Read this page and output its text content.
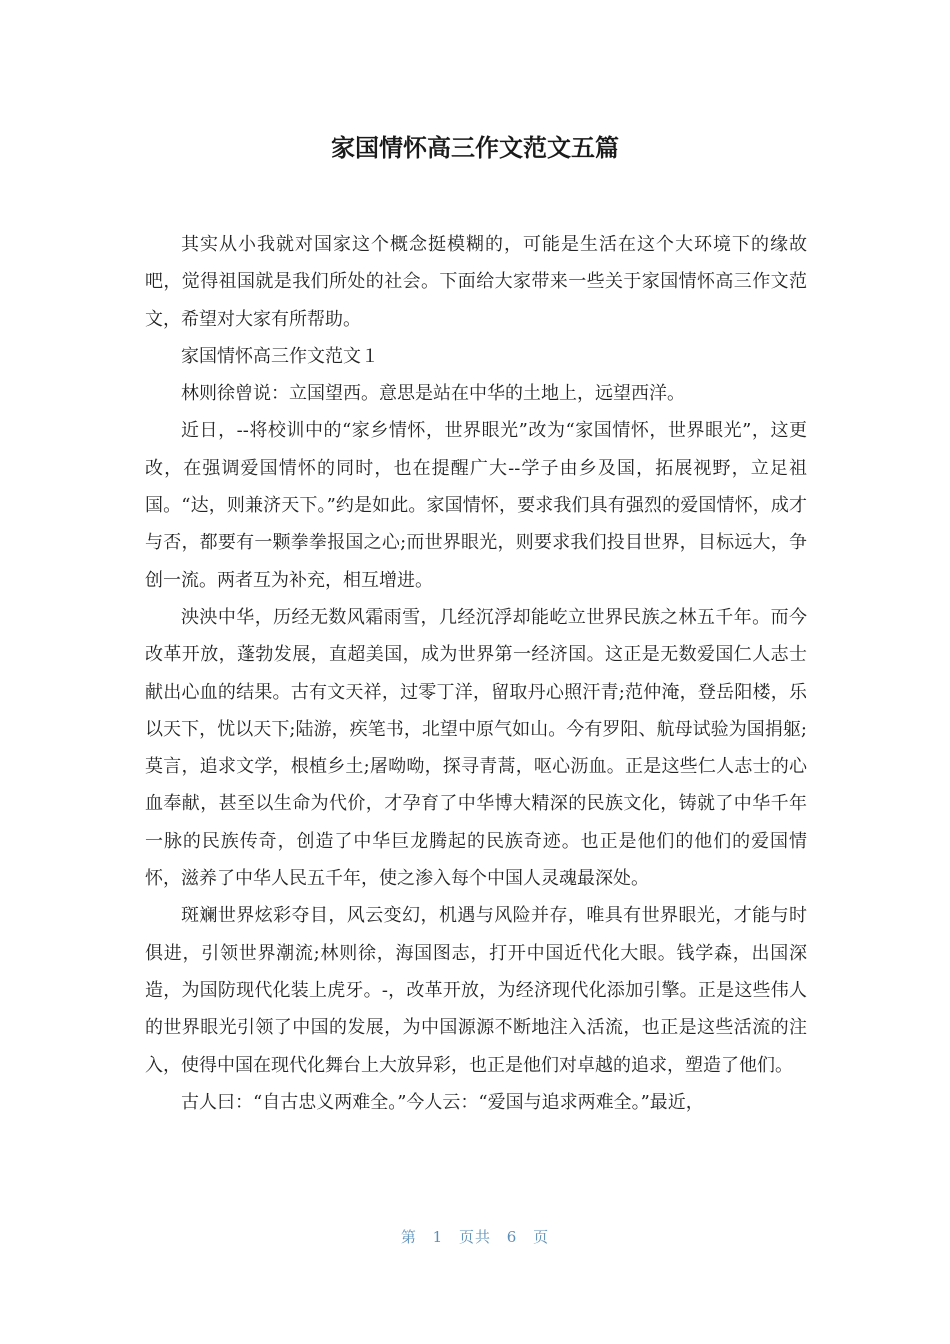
家国情怀高三作文范文五篇

其实从小我就对国家这个概念挺模糊的，可能是生活在这个大环境下的缘故吧，觉得祖国就是我们所处的社会。下面给大家带来一些关于家国情怀高三作文范文，希望对大家有所帮助。

家国情怀高三作文范文１

林则徐曾说：立国望西。意思是站在中华的土地上，远望西洋。

近日，--将校训中的“家乡情怀，世界眼光”改为“家国情怀，世界眼光”，这更改，在强调爱国情怀的同时，也在提醒广大--学子由乡及国，拓展视野，立足祖国。“达，则兼济天下。”约是如此。家国情怀，要求我们具有强烈的爱国情怀，成才与否，都要有一颗拳拳报国之心;而世界眼光，则要求我们投目世界，目标远大，争创一流。两者互为补充，相互增进。

泱泱中华，历经无数风霜雨雪，几经沉浮却能屹立世界民族之林五千年。而今改革开放，蓬勃发展，直超美国，成为世界第一经济国。这正是无数爱国仁人志士献出心血的结果。古有文天祥，过零丁洋，留取丹心照汗青;范仲淹，登岳阳楼，乐以天下，忧以天下;陆游，疾笔书，北望中原气如山。今有罗阳、航母试验为国捐躯;莫言，追求文学，根植乡土;屠呦呦，探寻青蒿，呕心沥血。正是这些仁人志士的心血奉献，甚至以生命为代价，才孕育了中华博大精深的民族文化，铸就了中华千年一脉的民族传奇，创造了中华巨龙腾起的民族奇迹。也正是他们的他们的爱国情怀，滋养了中华人民五千年，使之渗入每个中国人灵魂最深处。

斑斓世界炫彩夺目，风云变幻，机遇与风险并存，唯具有世界眼光，才能与时俱进，引领世界潮流;林则徐，海国图志，打开中国近代化大眼。钱学森，出国深造，为国防现代化装上虎牙。-，改革开放，为经济现代化添加引擎。正是这些伟人的世界眼光引领了中国的发展，为中国源源不断地注入活流，也正是这些活流的注入，使得中国在现代化舞台上大放异彩，也正是他们对卓越的追求，塑造了他们。

古人曰：“自古忠义两难全。”今人云：“爱国与追求两难全。”最近，

第 1 页共 6 页
